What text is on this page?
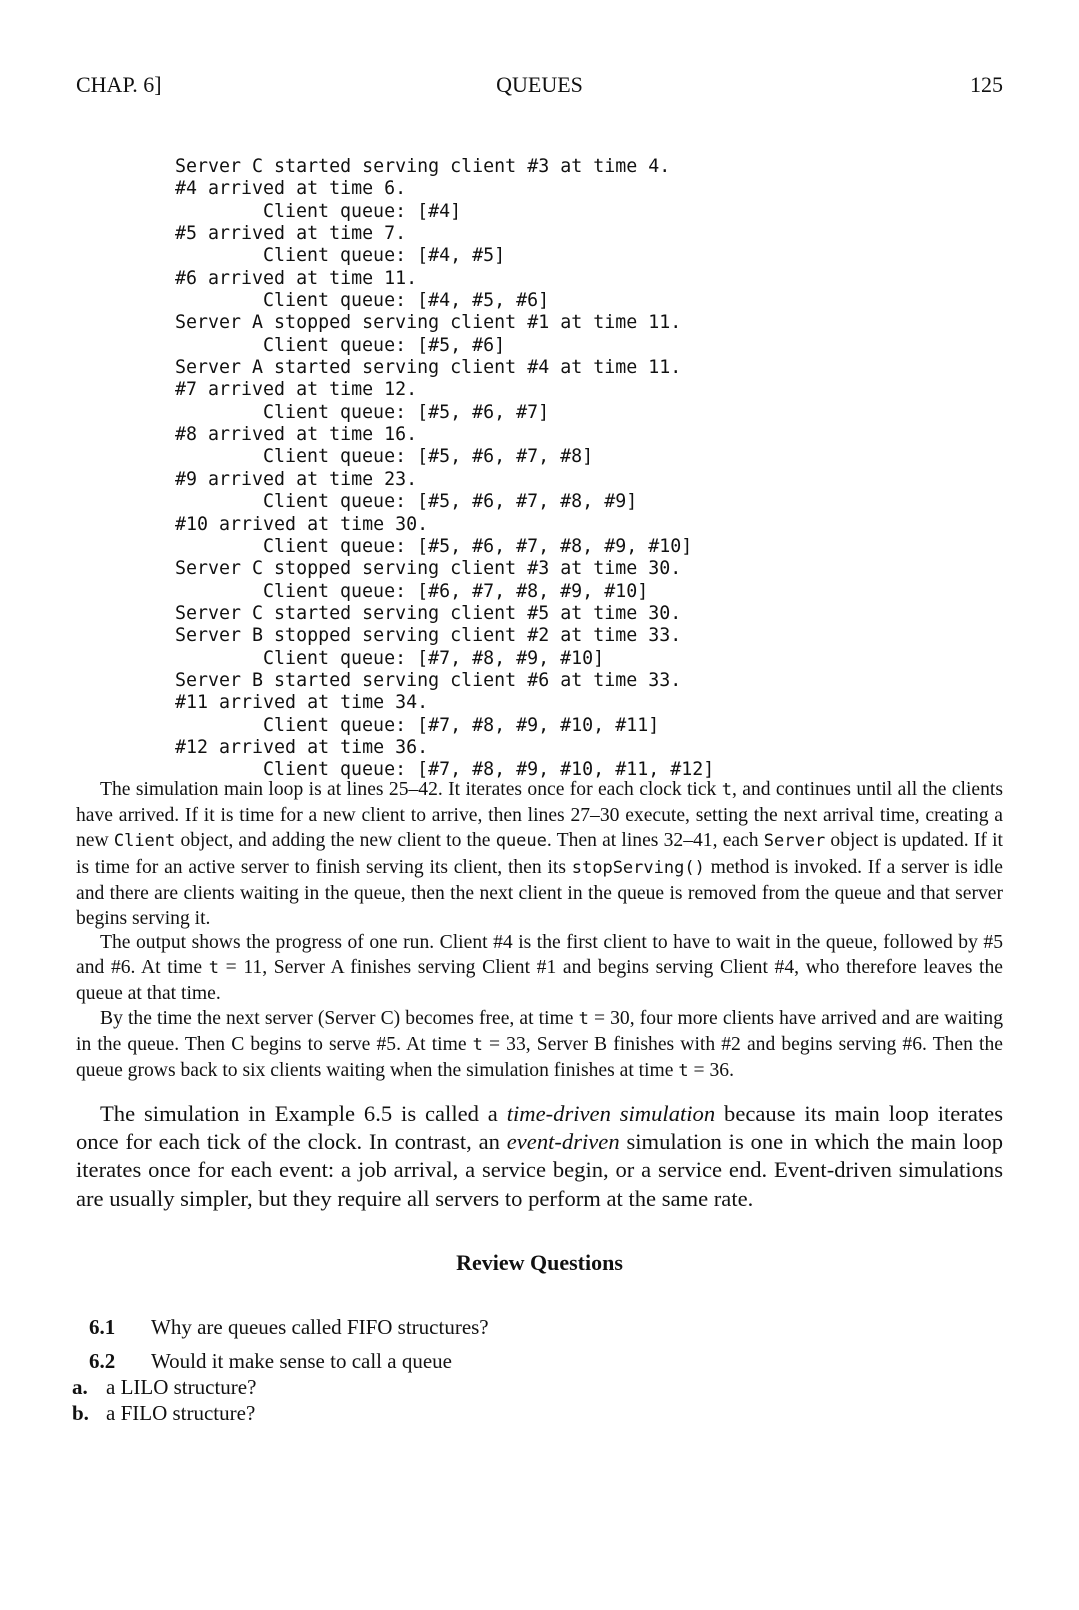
CHAP. 6]	QUEUES	125
Server C started serving client #3 at time 4.
#4 arrived at time 6.
Client queue: [#4]
#5 arrived at time 7.
Client queue: [#4, #5]
#6 arrived at time 11.
Client queue: [#4, #5, #6]
Server A stopped serving client #1 at time 11.
Client queue: [#5, #6]
Server A started serving client #4 at time 11.
#7 arrived at time 12.
Client queue: [#5, #6, #7]
#8 arrived at time 16.
Client queue: [#5, #6, #7, #8]
#9 arrived at time 23.
Client queue: [#5, #6, #7, #8, #9]
#10 arrived at time 30.
Client queue: [#5, #6, #7, #8, #9, #10]
Server C stopped serving client #3 at time 30.
Client queue: [#6, #7, #8, #9, #10]
Server C started serving client #5 at time 30.
Server B stopped serving client #2 at time 33.
Client queue: [#7, #8, #9, #10]
Server B started serving client #6 at time 33.
#11 arrived at time 34.
Client queue: [#7, #8, #9, #10, #11]
#12 arrived at time 36.
Client queue: [#7, #8, #9, #10, #11, #12]

The simulation main loop is at lines 25–42. It iterates once for each clock tick t, and continues until all the clients have arrived. If it is time for a new client to arrive, then lines 27–30 execute, setting the next arrival time, creating a new Client object, and adding the new client to the queue. Then at lines 32–41, each Server object is updated. If it is time for an active server to finish serving its client, then its stopServing() method is invoked. If a server is idle and there are clients waiting in the queue, then the next client in the queue is removed from the queue and that server begins serving it.

The output shows the progress of one run. Client #4 is the first client to have to wait in the queue, followed by #5 and #6. At time t = 11, Server A finishes serving Client #1 and begins serving Client #4, who therefore leaves the queue at that time.

By the time the next server (Server C) becomes free, at time t = 30, four more clients have arrived and are waiting in the queue. Then C begins to serve #5. At time t = 33, Server B finishes with #2 and begins serving #6. Then the queue grows back to six clients waiting when the simulation finishes at time t = 36.

The simulation in Example 6.5 is called a time-driven simulation because its main loop iterates once for each tick of the clock. In contrast, an event-driven simulation is one in which the main loop iterates once for each event: a job arrival, a service begin, or a service end. Event-driven simulations are usually simpler, but they require all servers to perform at the same rate.

Review Questions
6.1 Why are queues called FIFO structures?
6.2 Would it make sense to call a queue
a. a LILO structure?
b. a FILO structure?
